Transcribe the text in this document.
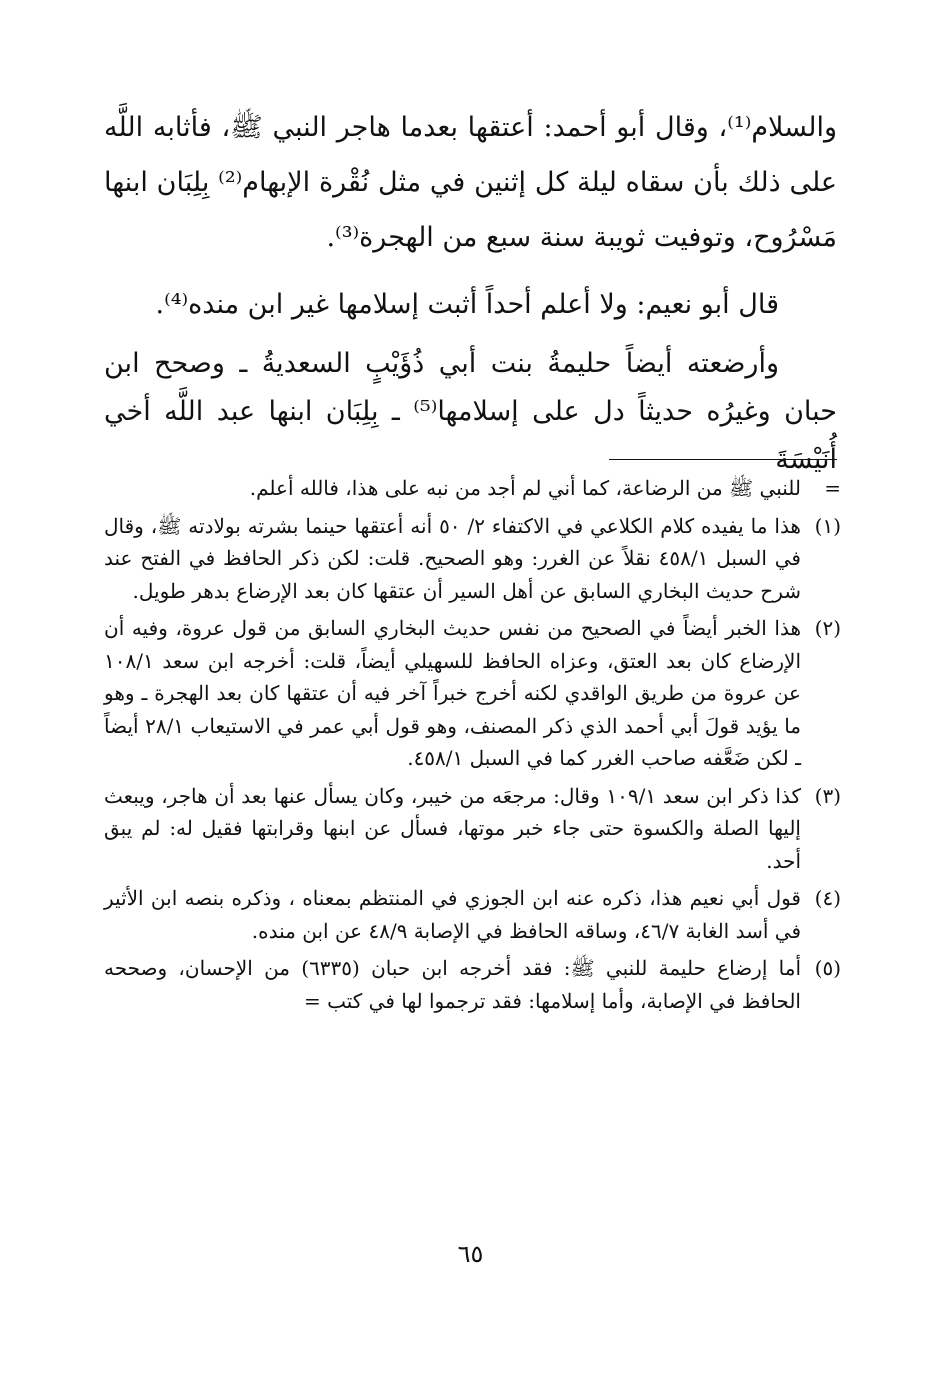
والسلام⁽¹⁾، وقال أبو أحمد: أعتقها بعدما هاجر النبي ﷺ، فأثابه اللَّه على ذلك بأن سقاه ليلة كل إثنين في مثل نُقْرة الإبهام⁽²⁾ بِلِبَان ابنها مَسْرُوح، وتوفيت ثويبة سنة سبع من الهجرة⁽³⁾.

قال أبو نعيم: ولا أعلم أحداً أثبت إسلامها غير ابن منده⁽⁴⁾.

وأرضعته أيضاً حليمةُ بنت أبي ذُؤَيْبٍ السعديةُ ـ وصحح ابن حبان وغيرُه حديثاً دل على إسلامها⁽⁵⁾ ـ بِلِبَان ابنها عبد اللَّه أخي أُنَيْسَةَ

=
للنبي ﷺ من الرضاعة، كما أني لم أجد من نبه على هذا، فالله أعلم.
(١)
هذا ما يفيده كلام الكلاعي في الاكتفاء ٢/ ٥٠ أنه أعتقها حينما بشرته بولادته ﷺ، وقال في السبل ٤٥٨/١ نقلاً عن الغرر: وهو الصحيح. قلت: لكن ذكر الحافظ في الفتح عند شرح حديث البخاري السابق عن أهل السير أن عتقها كان بعد الإرضاع بدهر طويل.
(٢)
هذا الخبر أيضاً في الصحيح من نفس حديث البخاري السابق من قول عروة، وفيه أن الإرضاع كان بعد العتق، وعزاه الحافظ للسهيلي أيضاً، قلت: أخرجه ابن سعد ١٠٨/١ عن عروة من طريق الواقدي لكنه أخرج خبراً آخر فيه أن عتقها كان بعد الهجرة ـ وهو ما يؤيد قولَ أبي أحمد الذي ذكر المصنف، وهو قول أبي عمر في الاستيعاب ٢٨/١ أيضاً ـ لكن ضَعَّفه صاحب الغرر كما في السبل ٤٥٨/١.
(٣)
كذا ذكر ابن سعد ١٠٩/١ وقال: مرجعَه من خيبر، وكان يسأل عنها بعد أن هاجر، ويبعث إليها الصلة والكسوة حتى جاء خبر موتها، فسأل عن ابنها وقرابتها فقيل له: لم يبق أحد.
(٤)
قول أبي نعيم هذا، ذكره عنه ابن الجوزي في المنتظم بمعناه ، وذكره بنصه ابن الأثير في أسد الغابة ٤٦/٧، وساقه الحافظ في الإصابة ٤٨/٩ عن ابن منده.
(٥)
أما إرضاع حليمة للنبي ﷺ: فقد أخرجه ابن حبان (٦٣٣٥) من الإحسان، وصححه الحافظ في الإصابة، وأما إسلامها: فقد ترجموا لها في كتب =
٦٥
